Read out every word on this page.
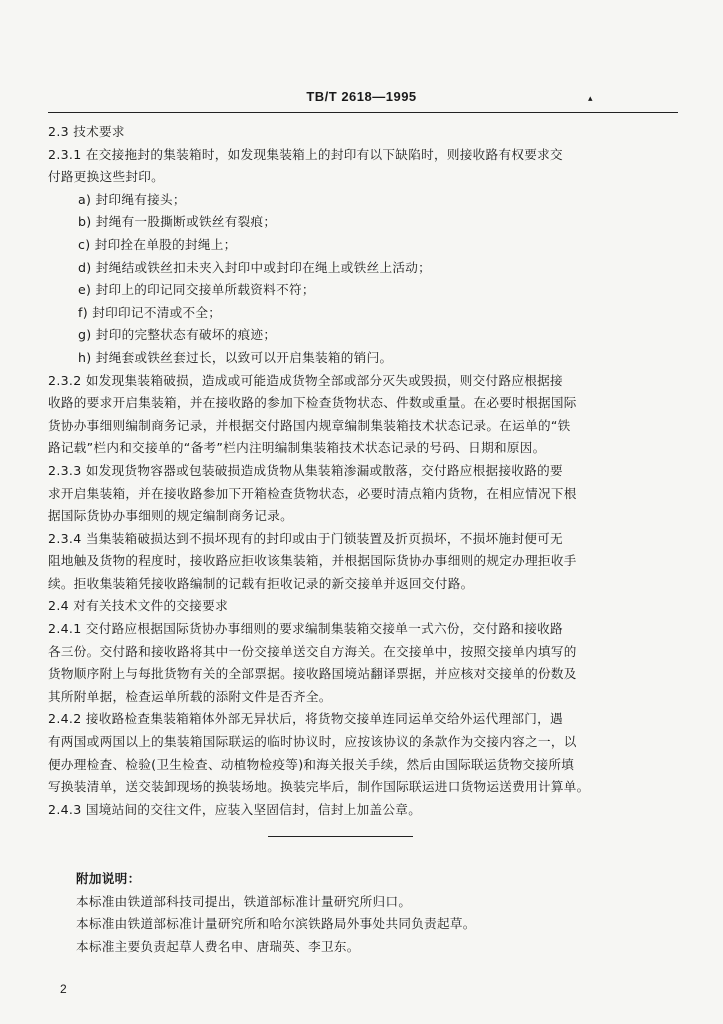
TB/T 2618—1995	▴
2.3 技术要求
2.3.1 在交接拖封的集装箱时，如发现集装箱上的封印有以下缺陷时，则接收路有权要求交
付路更换这些封印。
a) 封印绳有接头；
b) 封绳有一股撕断或铁丝有裂痕；
c) 封印拴在单股的封绳上；
d) 封绳结或铁丝扣未夹入封印中或封印在绳上或铁丝上活动；
e) 封印上的印记同交接单所载资料不符；
f) 封印印记不清或不全；
g) 封印的完整状态有破坏的痕迹；
h) 封绳套或铁丝套过长，以致可以开启集装箱的销闩。
2.3.2 如发现集装箱破损，造成或可能造成货物全部或部分灭失或毁损，则交付路应根据接
收路的要求开启集装箱，并在接收路的参加下检查货物状态、件数或重量。在必要时根据国际
货协办事细则编制商务记录，并根据交付路国内规章编制集装箱技术状态记录。在运单的“铁
路记载”栏内和交接单的“备考”栏内注明编制集装箱技术状态记录的号码、日期和原因。
2.3.3 如发现货物容器或包装破损造成货物从集装箱渗漏或散落，交付路应根据接收路的要
求开启集装箱，并在接收路参加下开箱检查货物状态，必要时清点箱内货物，在相应情况下根
据国际货协办事细则的规定编制商务记录。
2.3.4 当集装箱破损达到不损坏现有的封印或由于门锁装置及折页损坏，不损坏施封便可无
阻地触及货物的程度时，接收路应拒收该集装箱，并根据国际货协办事细则的规定办理拒收手
续。拒收集装箱凭接收路编制的记载有拒收记录的新交接单并返回交付路。
2.4 对有关技术文件的交接要求
2.4.1 交付路应根据国际货协办事细则的要求编制集装箱交接单一式六份，交付路和接收路
各三份。交付路和接收路将其中一份交接单送交自方海关。在交接单中，按照交接单内填写的
货物顺序附上与每批货物有关的全部票据。接收路国境站翻译票据，并应核对交接单的份数及
其所附单据，检查运单所载的添附文件是否齐全。
2.4.2 接收路检查集装箱箱体外部无异状后，将货物交接单连同运单交给外运代理部门，遇
有两国或两国以上的集装箱国际联运的临时协议时，应按该协议的条款作为交接内容之一，以
便办理检査、检验(卫生检查、动植物检疫等)和海关报关手续，然后由国际联运货物交接所填
写换装清单，送交装卸现场的换装场地。换装完毕后，制作国际联运进口货物运送费用计算单。
2.4.3 国境站间的交往文件，应装入坚固信封，信封上加盖公章。
附加说明：
本标准由铁道部科技司提出，铁道部标准计量研究所归口。
本标准由铁道部标准计量研究所和哈尔滨铁路局外事处共同负责起草。
本标准主要负责起草人费名申、唐瑞英、李卫东。
2
